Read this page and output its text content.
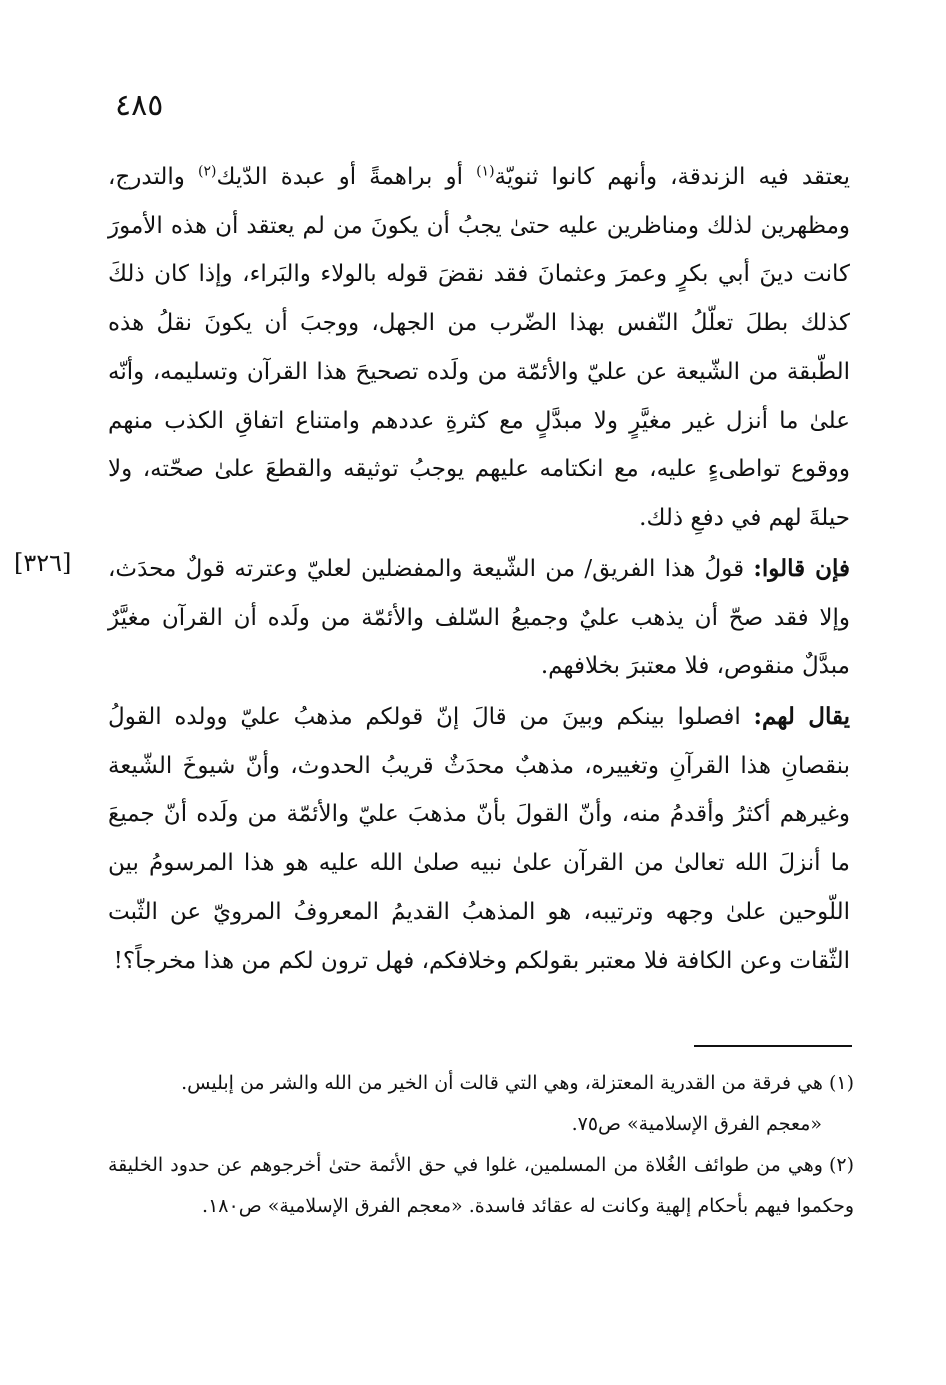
٤٨٥
يعتقد فيه الزندقة، وأنهم كانوا ثنويّة$^{(١)}$ أو براهمةً أو عبدة الدّيك$^{(٢)}$ والتدرج، ومظهرين لذلك ومناظرين عليه حتىٰ يجبُ أن يكونَ من لم يعتقد أن هذه الأمورَ كانت دينَ أبي بكرٍ وعمرَ وعثمانَ فقد نقضَ قوله بالولاء والبَراء، وإذا كان ذلكَ كذلك بطلَ تعلّلُ النّفس بهذا الضّرب من الجهل، ووجبَ أن يكونَ نقلُ هذه الطّبقة من الشّيعة عن عليّ والأئمّة من ولَده تصحيحَ هذا القرآن وتسليمه، وأنّه علىٰ ما أنزل غير مغيَّرٍ ولا مبدَّلٍ مع كثرةِ عددهم وامتناع اتفاقِ الكذب منهم ووقوع تواطىءٍ عليه، مع انكتامه عليهم يوجبُ توثيقه والقطعَ علىٰ صحّته، ولا حيلةَ لهم في دفعِ ذلك.
[٣٢٦]	فإن قالوا: قولُ هذا الفريق/ من الشّيعة والمفضلين لعليّ وعترته قولٌ محدَث، وإلا فقد صحّ أن يذهب عليٌ وجميعُ السّلف والأئمّة من ولَده أن القرآن مغيَّرٌ مبدَّلٌ منقوص، فلا معتبرَ بخلافهم.
يقال لهم: افصلوا بينكم وبينَ من قالَ إنّ قولكم مذهبُ عليّ وولده القولُ بنقصانِ هذا القرآنِ وتغييره، مذهبٌ محدَثٌ قريبُ الحدوث، وأنّ شيوخَ الشّيعة وغيرهم أكثرُ وأقدمُ منه، وأنّ القولَ بأنّ مذهبَ عليّ والأئمّة من ولَده أنّ جميعَ ما أنزلَ الله تعالىٰ من القرآن علىٰ نبيه صلىٰ الله عليه هو هذا المرسومُ بين اللّوحين علىٰ وجهه وترتيبه، هو المذهبُ القديمُ المعروفُ المرويّ عن الثّبت الثّقات وعن الكافة فلا معتبر بقولكم وخلافكم، فهل ترون لكم من هذا مخرجاً؟!
(١)هي فرقة من القدرية المعتزلة، وهي التي قالت أن الخير من الله والشر من إبليس.
«معجم الفرق الإسلامية» ص٧٥.
(٢)وهي من طوائف الغُلاة من المسلمين، غلوا في حق الأئمة حتىٰ أخرجوهم عن حدود الخليقة وحكموا فيهم بأحكام إلهية وكانت له عقائد فاسدة. «معجم الفرق الإسلامية» ص١٨٠.
